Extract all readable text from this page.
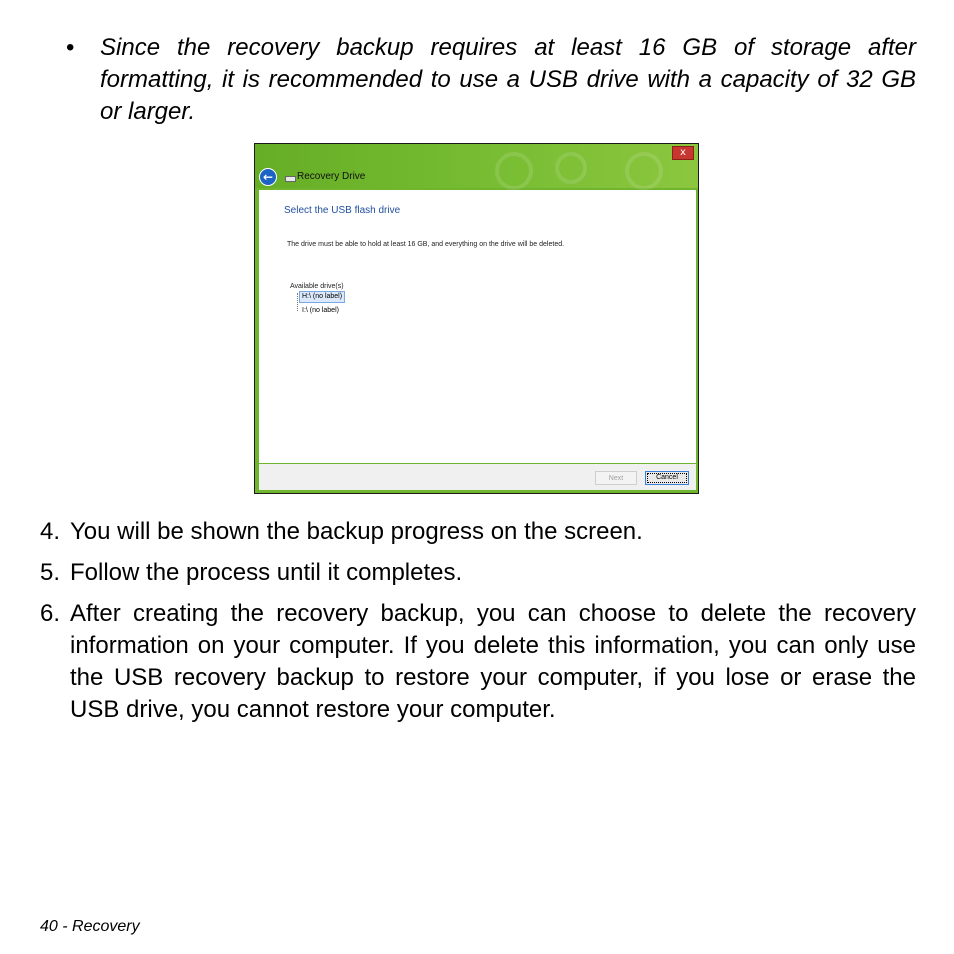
• Since the recovery backup requires at least 16 GB of storage after formatting, it is recommended to use a USB drive with a capacity of 32 GB or larger.
x
←	Recovery Drive
Select the USB flash drive
The drive must be able to hold at least 16 GB, and everything on the drive will be deleted.
Available drive(s)
H:\ (no label)
I:\ (no label)
Next	Cancel
4. You will be shown the backup progress on the screen.
5. Follow the process until it completes.
6. After creating the recovery backup, you can choose to delete the recovery information on your computer. If you delete this information, you can only use the USB recovery backup to restore your computer, if you lose or erase the USB drive, you cannot restore your computer.
40 - Recovery
